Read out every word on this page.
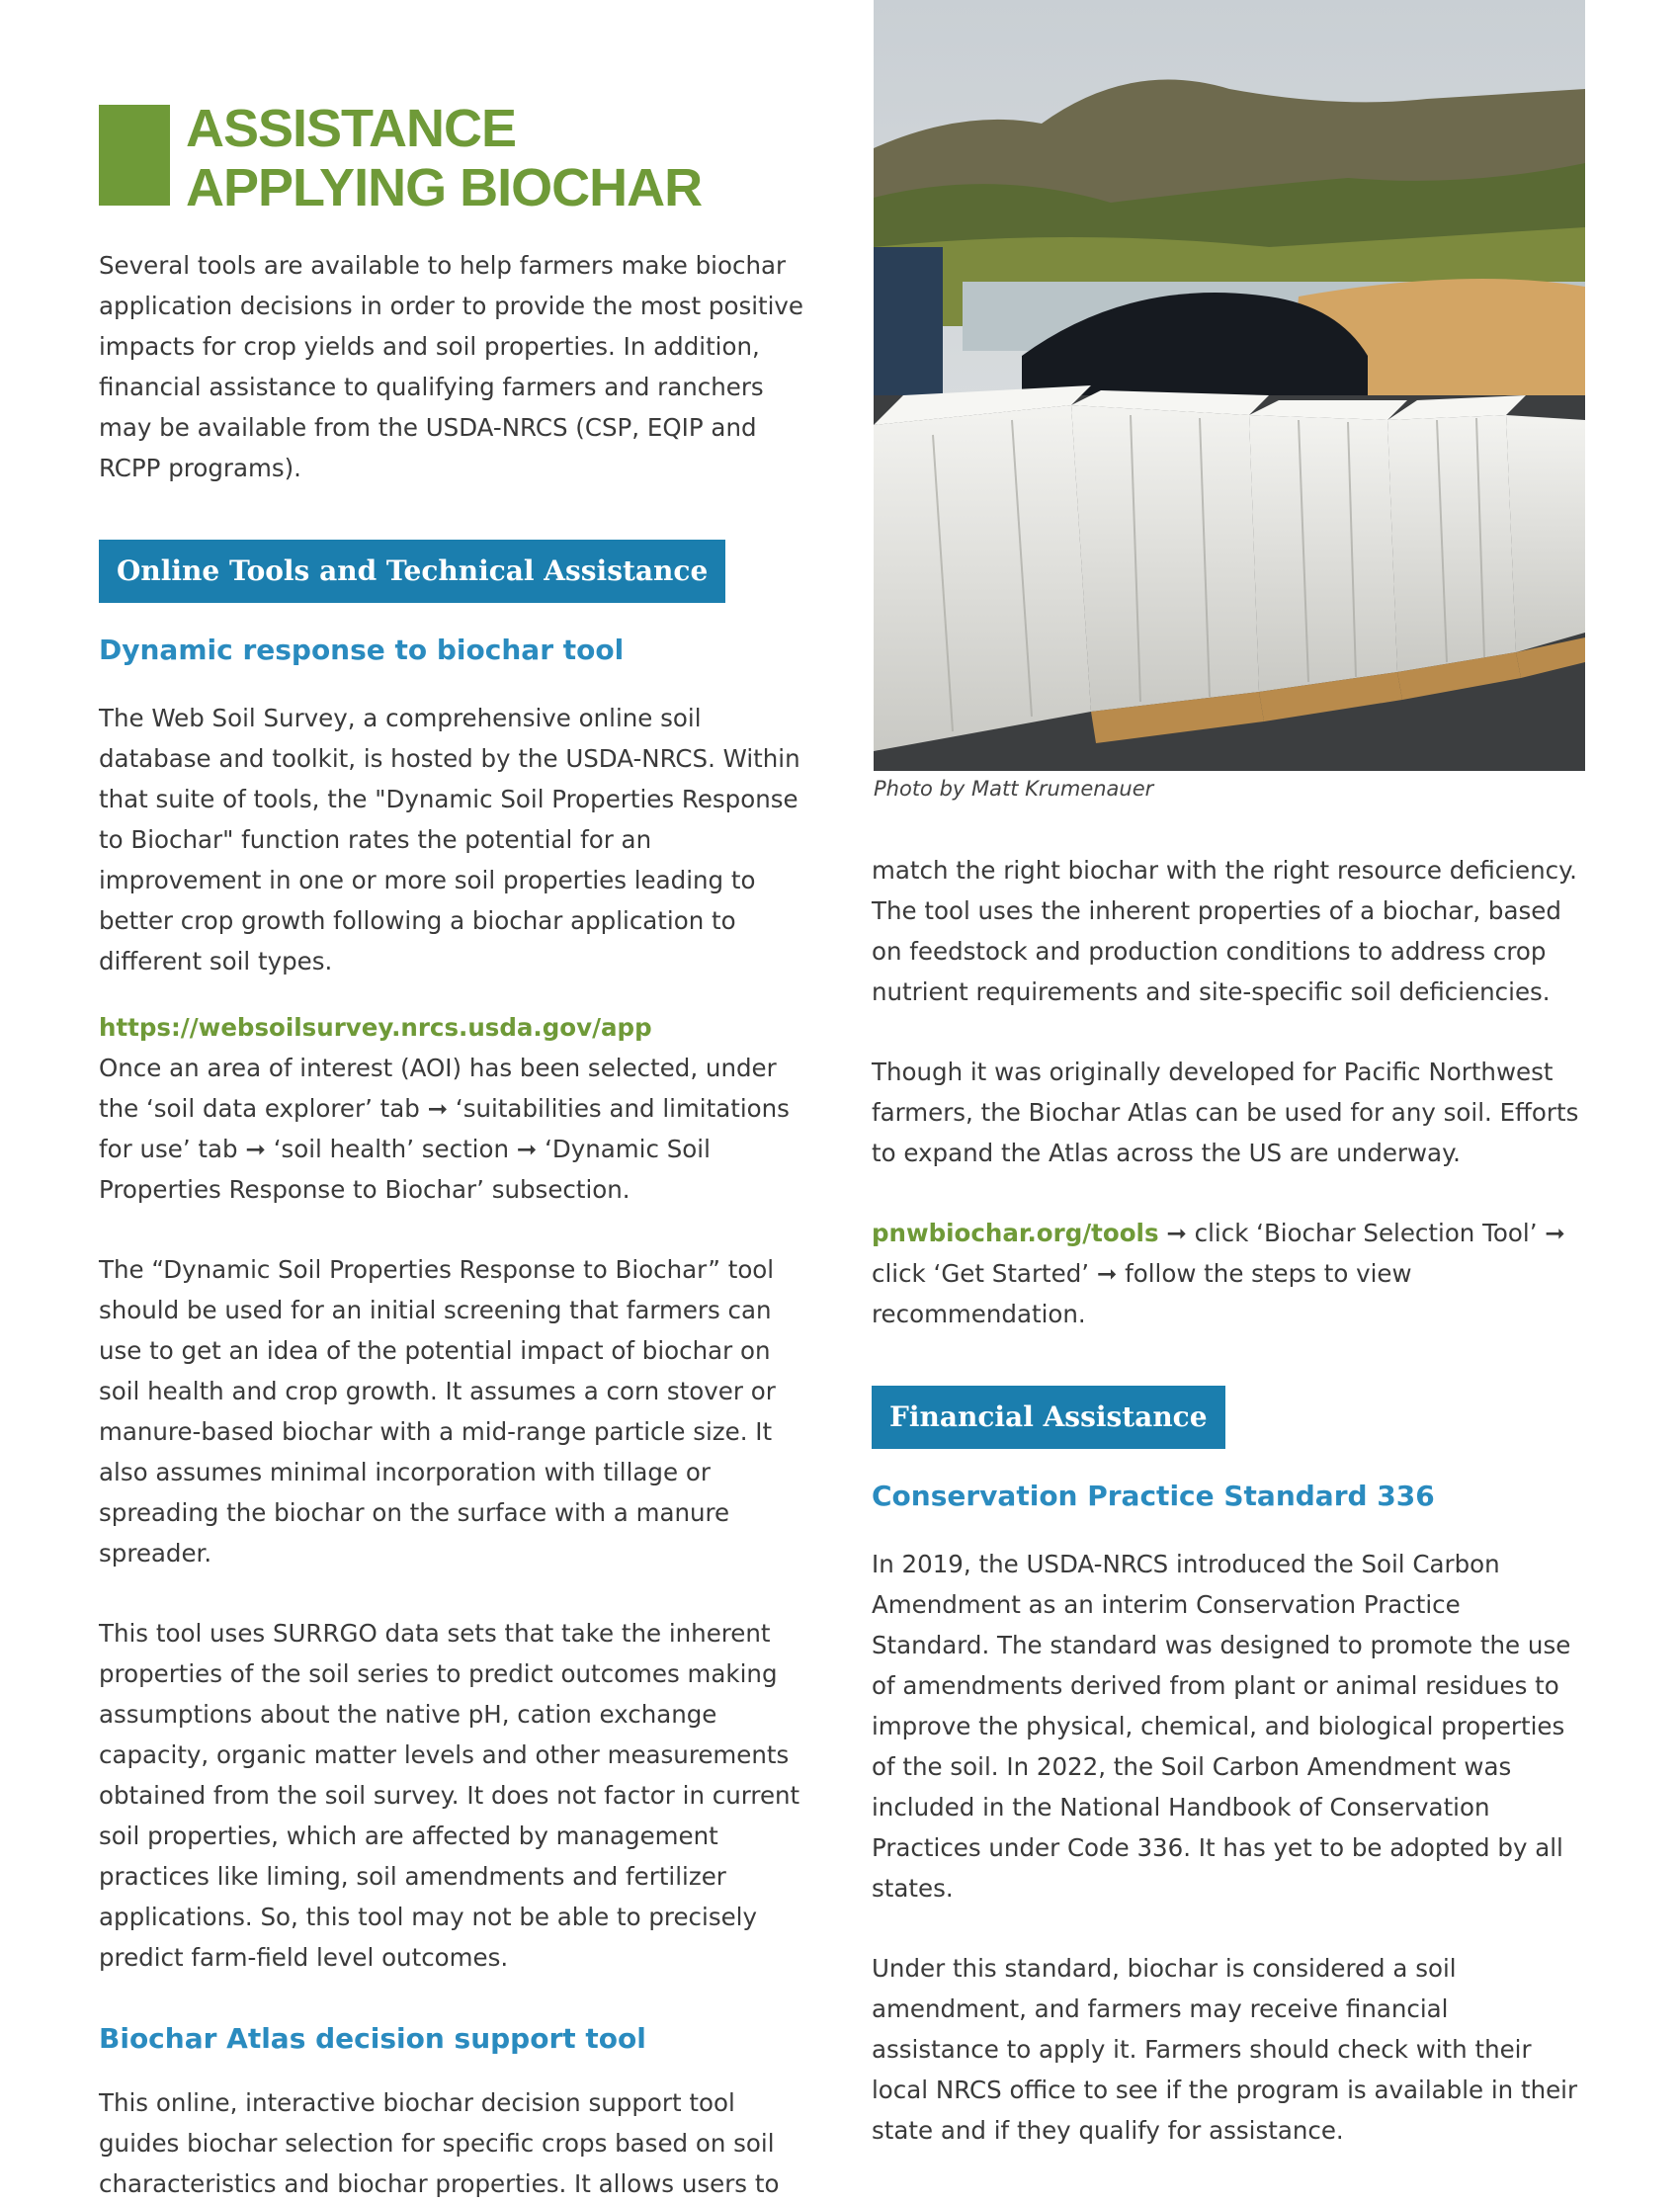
ASSISTANCE
APPLYING BIOCHAR

Several tools are available to help farmers make biochar application decisions in order to provide the most positive impacts for crop yields and soil properties. In addition, financial assistance to qualifying farmers and ranchers may be available from the USDA-NRCS (CSP, EQIP and RCPP programs).

Online Tools and Technical Assistance
Dynamic response to biochar tool

The Web Soil Survey, a comprehensive online soil database and toolkit, is hosted by the USDA-NRCS. Within that suite of tools, the "Dynamic Soil Properties Response to Biochar" function rates the potential for an improvement in one or more soil properties leading to better crop growth following a biochar application to different soil types.

https://websoilsurvey.nrcs.usda.gov/app

Once an area of interest (AOI) has been selected, under the ‘soil data explorer’ tab ➞ ‘suitabilities and limitations for use’ tab ➞ ‘soil health’ section ➞ ‘Dynamic Soil Properties Response to Biochar’ subsection.

The “Dynamic Soil Properties Response to Biochar” tool should be used for an initial screening that farmers can use to get an idea of the potential impact of biochar on soil health and crop growth. It assumes a corn stover or manure-based biochar with a mid-range particle size. It also assumes minimal incorporation with tillage or spreading the biochar on the surface with a manure spreader.

This tool uses SURRGO data sets that take the inherent properties of the soil series to predict outcomes making assumptions about the native pH, cation exchange capacity, organic matter levels and other measurements obtained from the soil survey. It does not factor in current soil properties, which are affected by management practices like liming, soil amendments and fertilizer applications. So, this tool may not be able to precisely predict farm-field level outcomes.

Biochar Atlas decision support tool

This online, interactive biochar decision support tool guides biochar selection for specific crops based on soil characteristics and biochar properties. It allows users to

Photo by Matt Krumenauer

match the right biochar with the right resource deficiency. The tool uses the inherent properties of a biochar, based on feedstock and production conditions to address crop nutrient requirements and site-specific soil deficiencies.

Though it was originally developed for Pacific Northwest farmers, the Biochar Atlas can be used for any soil. Efforts to expand the Atlas across the US are underway.

pnwbiochar.org/tools ➞ click ‘Biochar Selection Tool’ ➞ click ‘Get Started’ ➞ follow the steps to view recommendation.

Financial Assistance
Conservation Practice Standard 336

In 2019, the USDA-NRCS introduced the Soil Carbon Amendment as an interim Conservation Practice Standard. The standard was designed to promote the use of amendments derived from plant or animal residues to improve the physical, chemical, and biological properties of the soil. In 2022, the Soil Carbon Amendment was included in the National Handbook of Conservation Practices under Code 336. It has yet to be adopted by all states.

Under this standard, biochar is considered a soil amendment, and farmers may receive financial assistance to apply it. Farmers should check with their local NRCS office to see if the program is available in their state and if they qualify for assistance.
